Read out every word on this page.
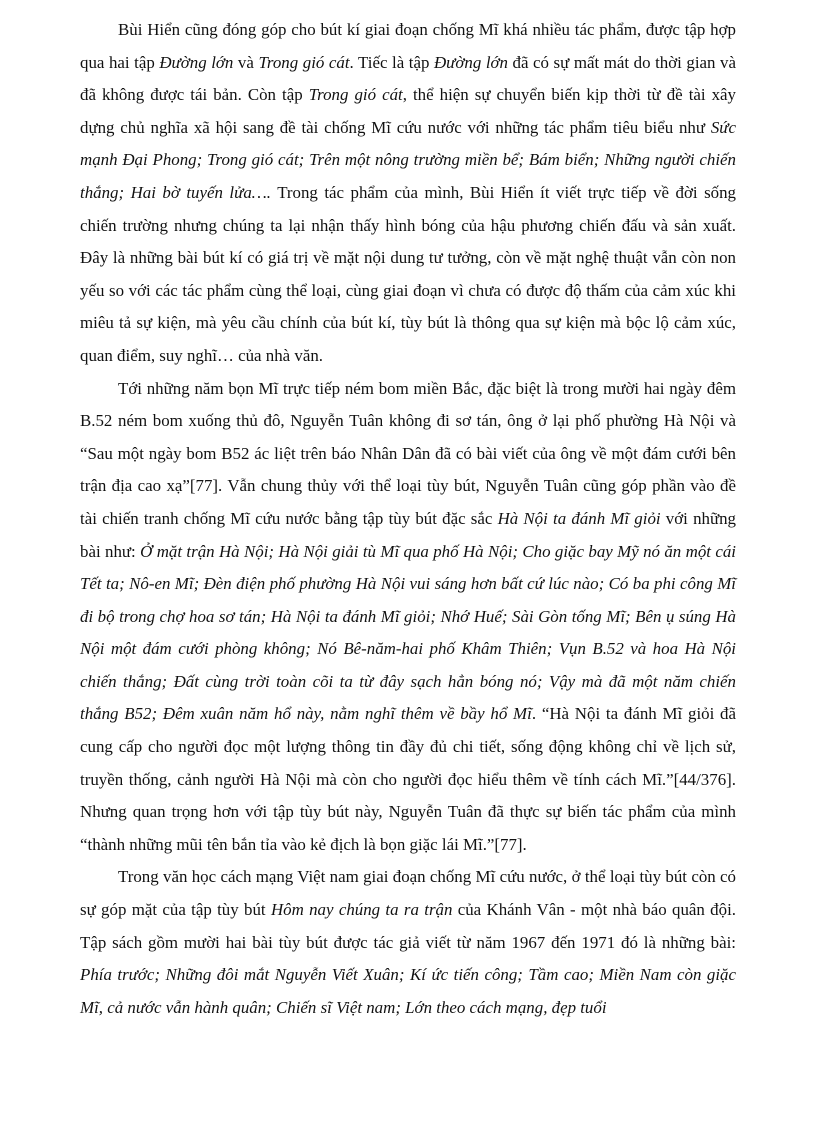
Bùi Hiển cũng đóng góp cho bút kí giai đoạn chống Mĩ khá nhiều tác phẩm, được tập hợp qua hai tập Đường lớn và Trong gió cát. Tiếc là tập Đường lớn đã có sự mất mát do thời gian và đã không được tái bản. Còn tập Trong gió cát, thể hiện sự chuyển biến kịp thời từ đề tài xây dựng chủ nghĩa xã hội sang đề tài chống Mĩ cứu nước với những tác phẩm tiêu biểu như Sức mạnh Đại Phong; Trong gió cát; Trên một nông trường miền bể; Bám biển; Những người chiến thắng; Hai bờ tuyến lửa…. Trong tác phẩm của mình, Bùi Hiển ít viết trực tiếp về đời sống chiến trường nhưng chúng ta lại nhận thấy hình bóng của hậu phương chiến đấu và sản xuất. Đây là những bài bút kí có giá trị về mặt nội dung tư tưởng, còn về mặt nghệ thuật vẫn còn non yếu so với các tác phẩm cùng thể loại, cùng giai đoạn vì chưa có được độ thấm của cảm xúc khi miêu tả sự kiện, mà yêu cầu chính của bút kí, tùy bút là thông qua sự kiện mà bộc lộ cảm xúc, quan điểm, suy nghĩ… của nhà văn.

Tới những năm bọn Mĩ trực tiếp ném bom miền Bắc, đặc biệt là trong mười hai ngày đêm B.52 ném bom xuống thủ đô, Nguyễn Tuân không đi sơ tán, ông ở lại phố phường Hà Nội và “Sau một ngày bom B52 ác liệt trên báo Nhân Dân đã có bài viết của ông về một đám cưới bên trận địa cao xạ”[77]. Vẫn chung thủy với thể loại tùy bút, Nguyễn Tuân cũng góp phần vào đề tài chiến tranh chống Mĩ cứu nước bằng tập tùy bút đặc sắc Hà Nội ta đánh Mĩ giỏi với những bài như: Ở mặt trận Hà Nội; Hà Nội giải tù Mĩ qua phố Hà Nội; Cho giặc bay Mỹ nó ăn một cái Tết ta; Nô-en Mĩ; Đèn điện phố phường Hà Nội vui sáng hơn bất cứ lúc nào; Có ba phi công Mĩ đi bộ trong chợ hoa sơ tán; Hà Nội ta đánh Mĩ giỏi; Nhớ Huế; Sài Gòn tống Mĩ; Bên ụ súng Hà Nội một đám cưới phòng không; Nó Bê-năm-hai phố Khâm Thiên; Vụn B.52 và hoa Hà Nội chiến thắng; Đất cùng trời toàn cõi ta từ đây sạch hẳn bóng nó; Vậy mà đã một năm chiến thắng B52; Đêm xuân năm hổ này, nằm nghĩ thêm về bầy hổ Mĩ. “Hà Nội ta đánh Mĩ giỏi đã cung cấp cho người đọc một lượng thông tin đầy đủ chi tiết, sống động không chỉ về lịch sử, truyền thống, cảnh người Hà Nội mà còn cho người đọc hiểu thêm về tính cách Mĩ.”[44/376]. Nhưng quan trọng hơn với tập tùy bút này, Nguyễn Tuân đã thực sự biến tác phẩm của mình “thành những mũi tên bắn tỉa vào kẻ địch là bọn giặc lái Mĩ.”[77].

Trong văn học cách mạng Việt nam giai đoạn chống Mĩ cứu nước, ở thể loại tùy bút còn có sự góp mặt của tập tùy bút Hôm nay chúng ta ra trận của Khánh Vân - một nhà báo quân đội. Tập sách gồm mười hai bài tùy bút được tác giả viết từ năm 1967 đến 1971 đó là những bài: Phía trước; Những đôi mắt Nguyễn Viết Xuân; Kí ức tiến công; Tầm cao; Miền Nam còn giặc Mĩ, cả nước vẫn hành quân; Chiến sĩ Việt nam; Lớn theo cách mạng, đẹp tuổi
